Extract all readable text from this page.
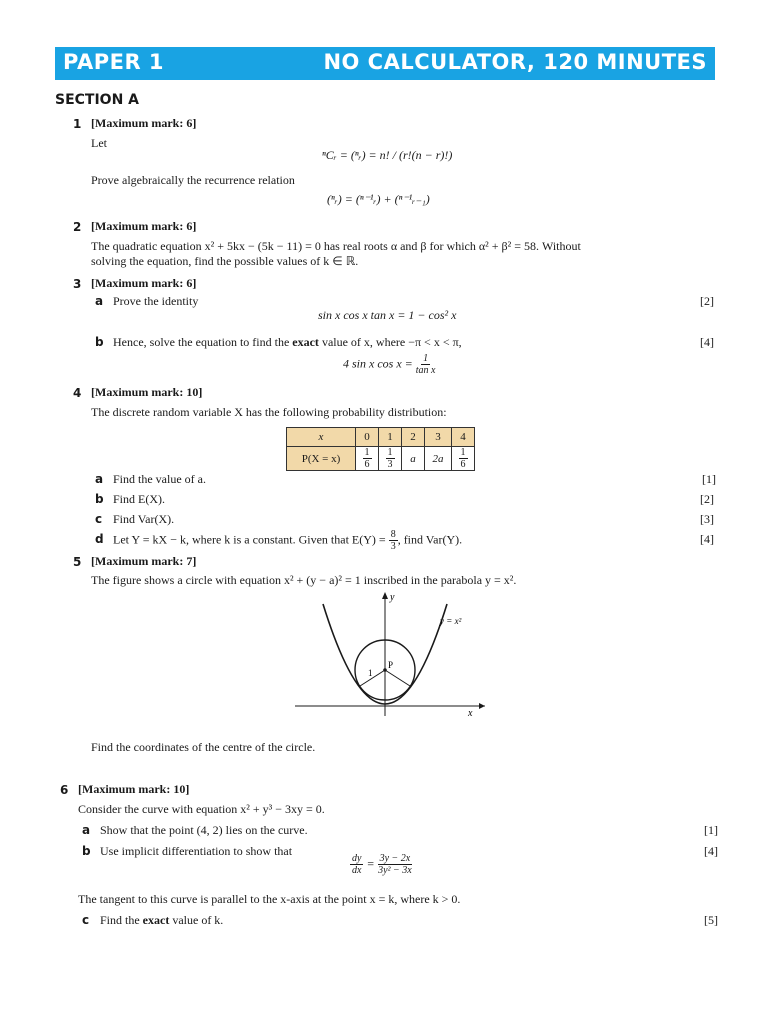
PAPER 1	NO CALCULATOR, 120 MINUTES
SECTION A
1 [Maximum mark: 6]
Let
ⁿCᵣ = (ⁿᵣ) = n! / (r!(n − r)!)
Prove algebraically the recurrence relation
(ⁿᵣ) = (ⁿ⁻¹ᵣ) + (ⁿ⁻¹ᵣ₋₁)
2 [Maximum mark: 6]
The quadratic equation x² + 5kx − (5k − 11) = 0 has real roots α and β for which α² + β² = 58. Without
solving the equation, find the possible values of k ∈ ℝ.
3 [Maximum mark: 6]
a Prove the identity	[2]
sin x cos x tan x = 1 − cos² x
b Hence, solve the equation to find the exact value of x, where −π < x < π,	[4]
4 sin x $\cos x = \frac{1}{\text{tan x}}$
4 [Maximum mark: 10]
The discrete random variable X has the following probability distribution:
x	0	1	2	3	4
P(X = x)	$\frac{1}{6}$	$\frac{1}{3}$	a	2a	$\frac{1}{6}$
a Find the value of a.	[1]
b Find E(X).	[2]
c Find Var(X).	[3]
d Let Y = kX − k, where k is a constant. Given that $E(Y) = \frac{8}{3}$ , find Var(Y).	[4]
5 [Maximum mark: 7]
The figure shows a circle with equation x² + (y − a)² = 1 inscribed in the parabola y = x².
y
x
1
P
y = x²
Find the coordinates of the centre of the circle.
6 [Maximum mark: 10]
Consider the curve with equation x² + y³ − 3xy = 0.
a Show that the point (4, 2) lies on the curve.	[1]
b Use implicit differentiation to show that	[4]
$\frac{dy}{dx} = \frac{3y - 2x}{\text{3y² − 3x}}$
The tangent to this curve is parallel to the x-axis at the point x = k, where k > 0.
c Find the exact value of k.	[5]
